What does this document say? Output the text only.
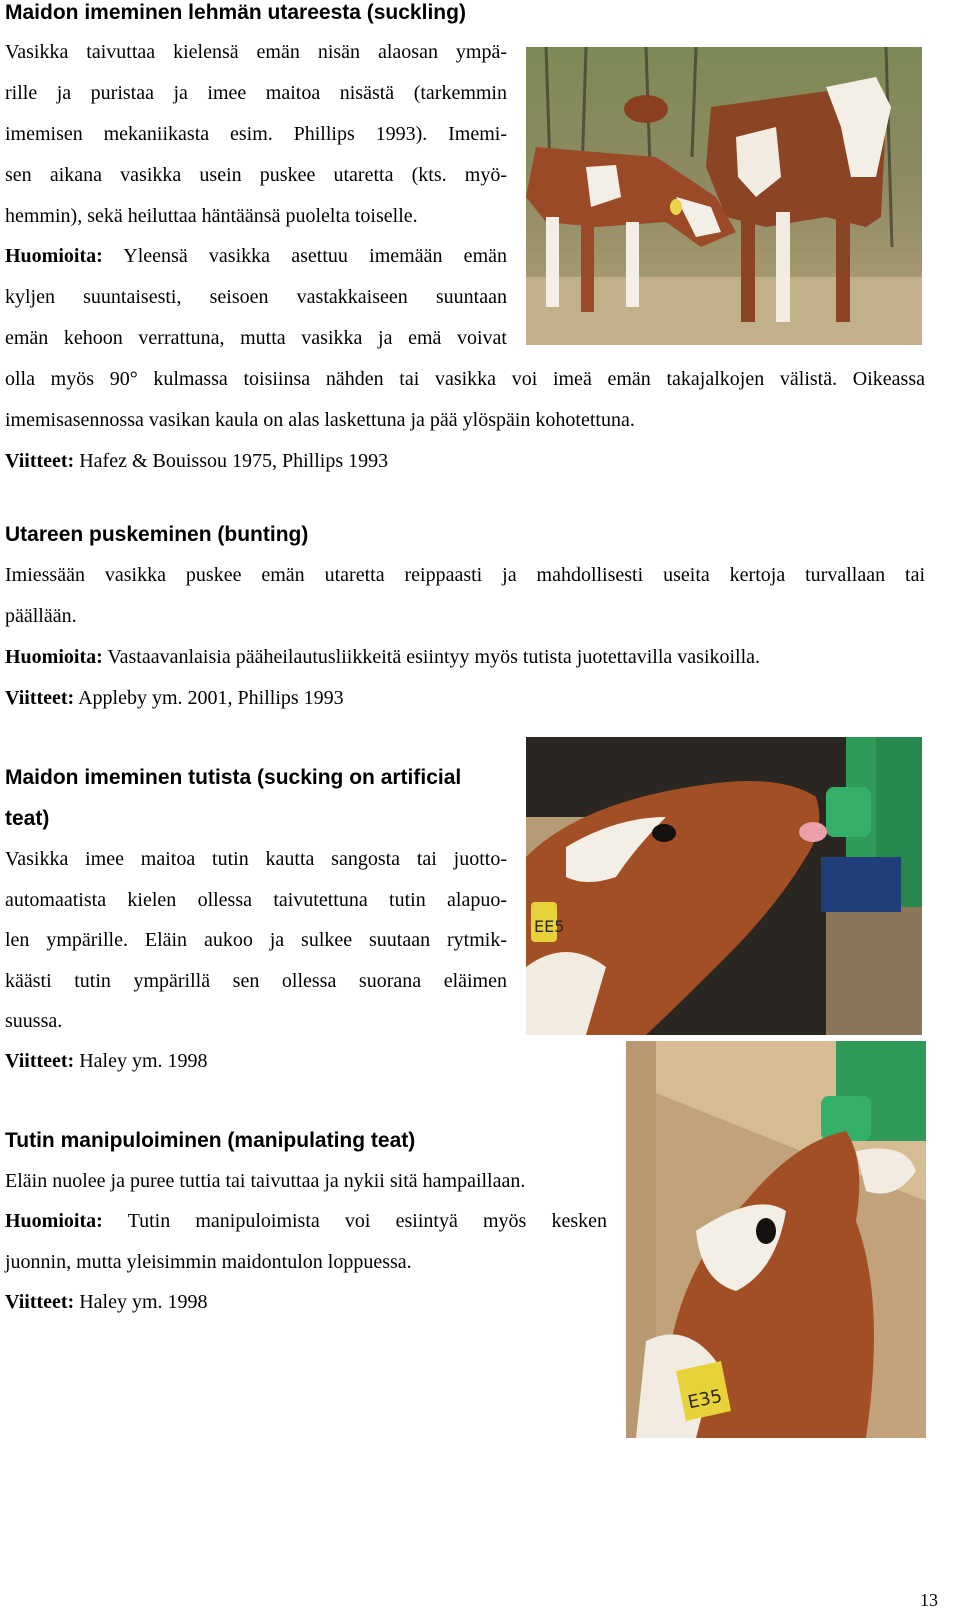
Maidon imeminen lehmän utareesta (suckling)
Vasikka taivuttaa kielensä emän nisän alaosan ympä-
rille ja puristaa ja imee maitoa nisästä (tarkemmin
imemisen mekaniikasta esim. Phillips 1993). Imemi-
sen aikana vasikka usein puskee utaretta (kts. myö-
hemmin), sekä heiluttaa häntäänsä puolelta toiselle.
Huomioita: Yleensä vasikka asettuu imemään emän
kyljen suuntaisesti, seisoen vastakkaiseen suuntaan
emän kehoon verrattuna, mutta vasikka ja emä voivat
olla myös 90° kulmassa toisiinsa nähden tai vasikka voi imeä emän takajalkojen välistä. Oikeassa
imemisasennossa vasikan kaula on alas laskettuna ja pää ylöspäin kohotettuna.
Viitteet: Hafez & Bouissou 1975, Phillips 1993
Utareen puskeminen (bunting)
Imiessään vasikka puskee emän utaretta reippaasti ja mahdollisesti useita kertoja turvallaan tai
päällään.
Huomioita: Vastaavanlaisia pääheilautusliikkeitä esiintyy myös tutista juotettavilla vasikoilla.
Viitteet: Appleby ym. 2001, Phillips 1993
Maidon imeminen tutista (sucking on artificial
teat)
Vasikka imee maitoa tutin kautta sangosta tai juotto-
automaatista kielen ollessa taivutettuna tutin alapuo-
len ympärille. Eläin aukoo ja sulkee suutaan rytmik-
käästi tutin ympärillä sen ollessa suorana eläimen
suussa.
Viitteet: Haley ym. 1998
EE5
Tutin manipuloiminen (manipulating teat)
Eläin nuolee ja puree tuttia tai taivuttaa ja nykii sitä hampaillaan.
Huomioita: Tutin manipuloimista voi esiintyä myös kesken
juonnin, mutta yleisimmin maidontulon loppuessa.
Viitteet: Haley ym. 1998
E35
13
